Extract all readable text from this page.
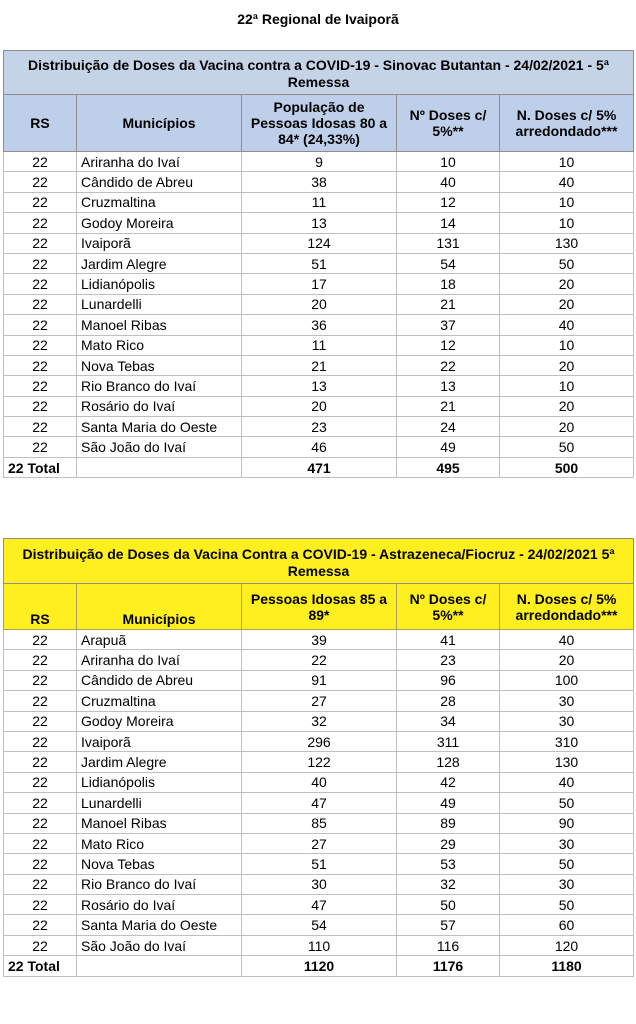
22ª Regional de Ivaiporã
Distribuição de Doses da Vacina contra a COVID-19 - Sinovac Butantan - 24/02/2021 - 5ª Remessa				
RS	Municípios	População de Pessoas Idosas 80 a 84* (24,33%)	Nº Doses c/ 5%**	N. Doses c/ 5% arredondado***
22	Ariranha do Ivaí	9	10	10
22	Cândido de Abreu	38	40	40
22	Cruzmaltina	11	12	10
22	Godoy Moreira	13	14	10
22	Ivaiporã	124	131	130
22	Jardim Alegre	51	54	50
22	Lidianópolis	17	18	20
22	Lunardelli	20	21	20
22	Manoel Ribas	36	37	40
22	Mato Rico	11	12	10
22	Nova Tebas	21	22	20
22	Rio Branco do Ivaí	13	13	10
22	Rosário do Ivaí	20	21	20
22	Santa Maria do Oeste	23	24	20
22	São João do Ivaí	46	49	50
22 Total		471	495	500
Distribuição de Doses da Vacina Contra a COVID-19 - Astrazeneca/Fiocruz - 24/02/2021 5ª Remessa				
RS	Municípios	Pessoas Idosas 85 a 89*	Nº Doses c/ 5%**	N. Doses c/ 5% arredondado***
22	Arapuã	39	41	40
22	Ariranha do Ivaí	22	23	20
22	Cândido de Abreu	91	96	100
22	Cruzmaltina	27	28	30
22	Godoy Moreira	32	34	30
22	Ivaiporã	296	311	310
22	Jardim Alegre	122	128	130
22	Lidianópolis	40	42	40
22	Lunardelli	47	49	50
22	Manoel Ribas	85	89	90
22	Mato Rico	27	29	30
22	Nova Tebas	51	53	50
22	Rio Branco do Ivaí	30	32	30
22	Rosário do Ivaí	47	50	50
22	Santa Maria do Oeste	54	57	60
22	São João do Ivaí	110	116	120
22 Total		1120	1176	1180
